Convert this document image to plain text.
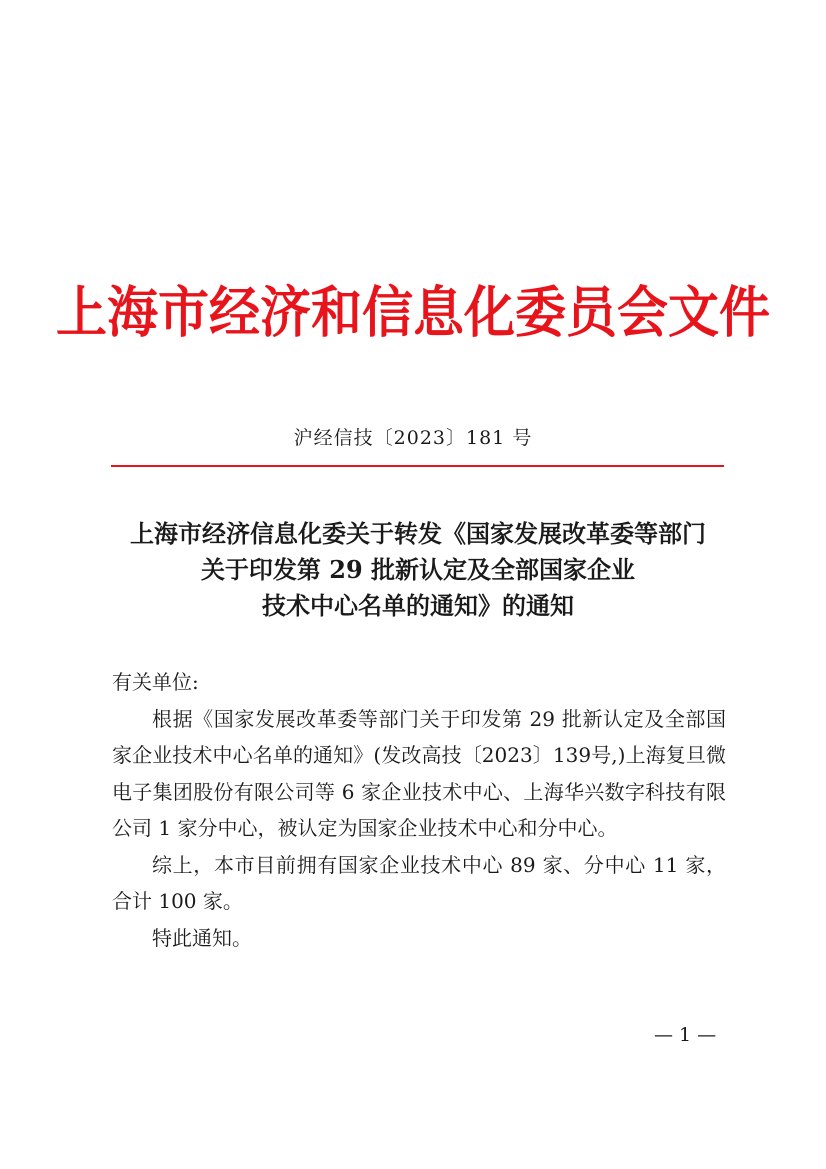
上海市经济和信息化委员会文件
沪经信技〔2023〕181 号
上海市经济信息化委关于转发《国家发展改革委等部门
关于印发第 29 批新认定及全部国家企业
技术中心名单的通知》的通知

有关单位:

根据《国家发展改革委等部门关于印发第 29 批新认定及全部国家企业技术中心名单的通知》(发改高技〔2023〕139号,)上海复旦微电子集团股份有限公司等 6 家企业技术中心、上海华兴数字科技有限公司 1 家分中心，被认定为国家企业技术中心和分中心。

综上，本市目前拥有国家企业技术中心 89 家、分中心 11 家，合计 100 家。

特此通知。

— 1 —
